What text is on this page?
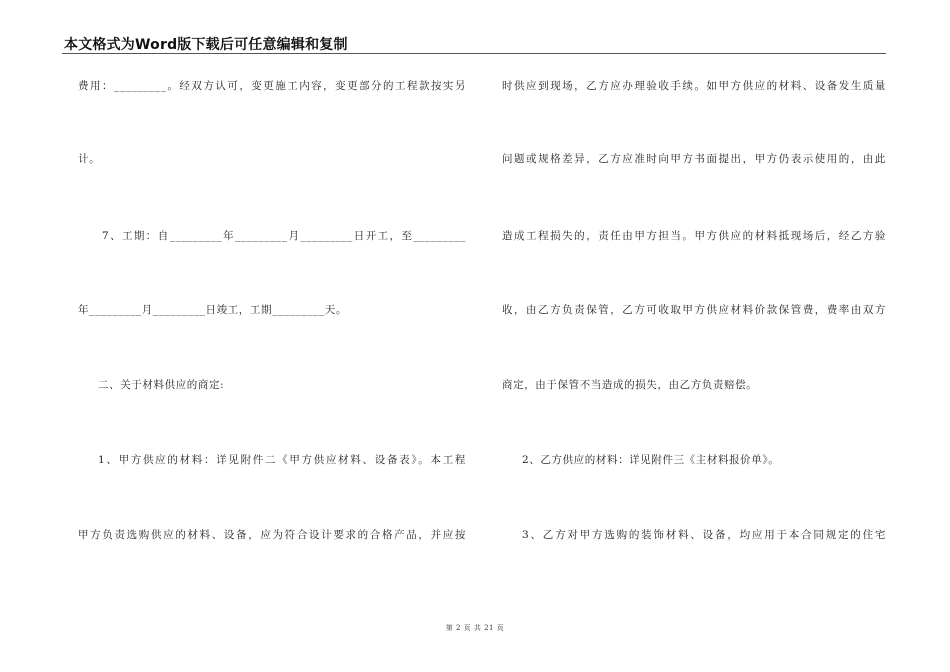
本文格式为Word版下载后可任意编辑和复制
费用：_________。经双方认可，变更施工内容，变更部分的工程款按实另
计。
7、工期：自_________年_________月_________日开工，至_________
年_________月_________日竣工，工期_________天。
二、关于材料供应的商定:
1、甲方供应的材料：详见附件二《甲方供应材料、设备表》。本工程
甲方负责选购供应的材料、设备，应为符合设计要求的合格产品，并应按
时供应到现场，乙方应办理验收手续。如甲方供应的材料、设备发生质量
问题或规格差异，乙方应准时向甲方书面提出，甲方仍表示使用的，由此
造成工程损失的，责任由甲方担当。甲方供应的材料抵现场后，经乙方验
收，由乙方负责保管，乙方可收取甲方供应材料价款保管费，费率由双方
商定，由于保管不当造成的损失，由乙方负责赔偿。
2、乙方供应的材料：详见附件三《主材料报价单》。
3、乙方对甲方选购的装饰材料、设备，均应用于本合同规定的住宅
第 2 页 共 21 页
